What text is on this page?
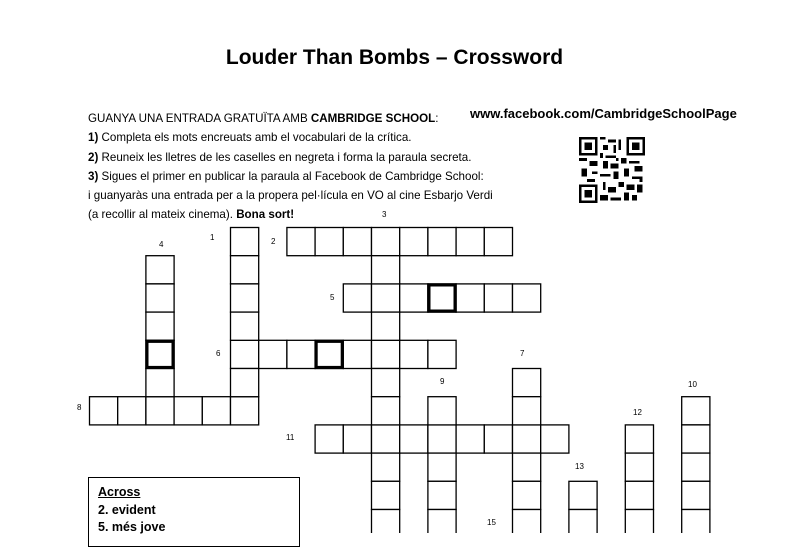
Louder Than Bombs – Crossword
GUANYA UNA ENTRADA GRATUÏTA AMB CAMBRIDGE SCHOOL:
1) Completa els mots encreuats amb el vocabulari de la crítica.
2) Reuneix les lletres de les caselles en negreta i forma la paraula secreta.
3) Sigues el primer en publicar la paraula al Facebook de Cambridge School:
i guanyaràs una entrada per a la propera pel·lícula en VO al cine Esbarjo Verdi
(a recollir al mateix cinema). Bona sort!
www.facebook.com/CambridgeSchoolPage
1	2
3
4
5
6	7
8
9	10
11
12
13
15
Across
2. evident
5. més jove
